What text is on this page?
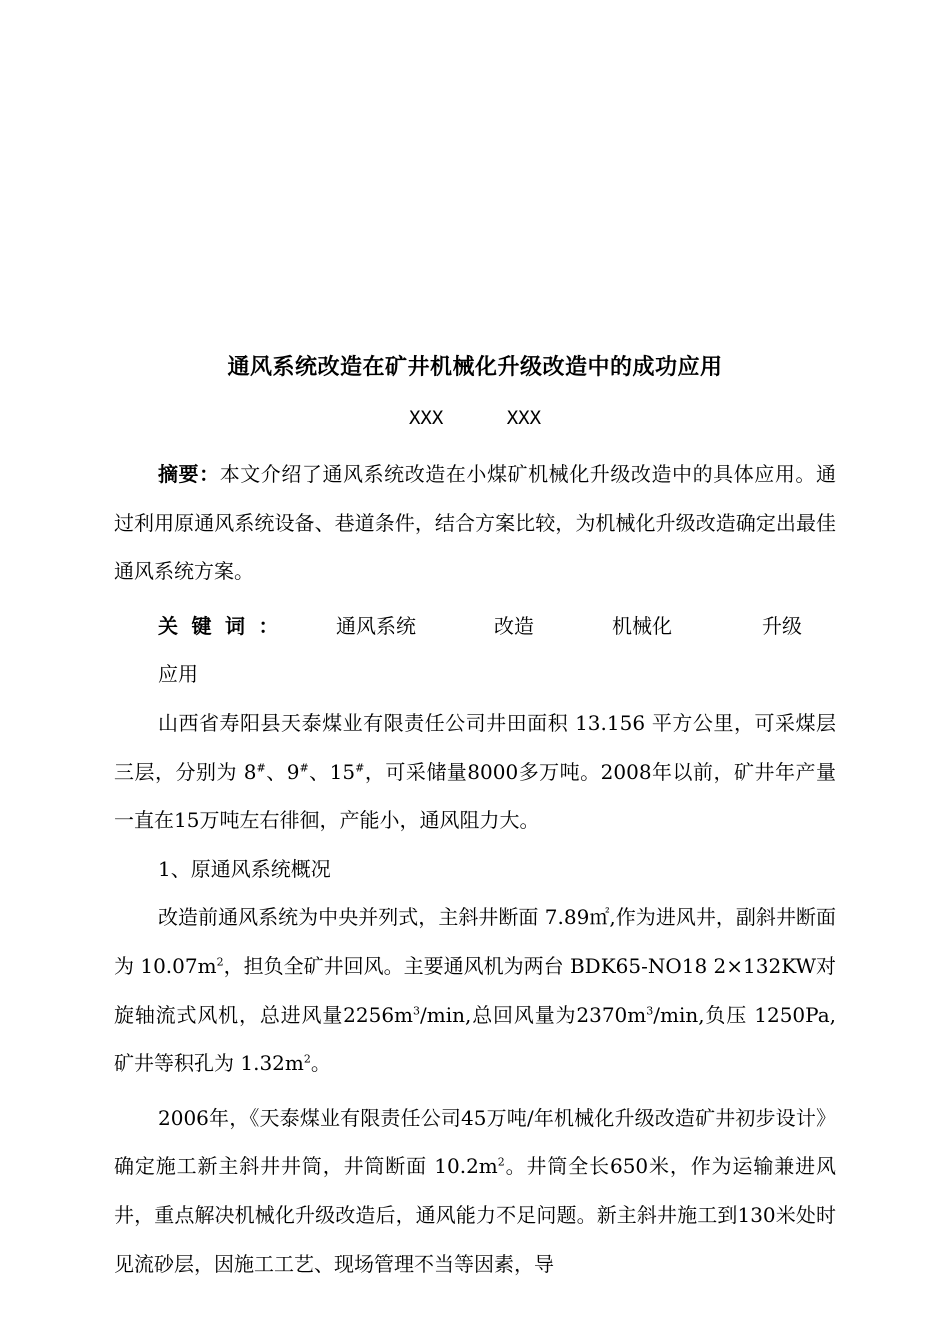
通风系统改造在矿井机械化升级改造中的成功应用
XXX	XXX

摘要：本文介绍了通风系统改造在小煤矿机械化升级改造中的具体应用。通过利用原通风系统设备、巷道条件，结合方案比较，为机械化升级改造确定出最佳通风系统方案。

关键词： 通风系统	改造	机械化	升级应用

山西省寿阳县天泰煤业有限责任公司井田面积 13.156 平方公里，可采煤层三层，分别为 8#、9#、15#，可采储量8000多万吨。2008年以前，矿井年产量一直在15万吨左右徘徊，产能小，通风阻力大。

1、原通风系统概况

改造前通风系统为中央并列式，主斜井断面 7.89㎡,作为进风井，副斜井断面为 $10.07m^2$，担负全矿井回风。主要通风机为两台 BDK65-NO18 2×132KW对旋轴流式风机，总进风量$2256m^3/\min$,总回风量为$2370m^3/\min$,负压 1250Pa,矿井等积孔为 $1.32m^2$。

2006年，《天泰煤业有限责任公司45万吨/年机械化升级改造矿井初步设计》确定施工新主斜井井筒，井筒断面 $10.2m^2$。井筒全长650米，作为运输兼进风井，重点解决机械化升级改造后，通风能力不足问题。新主斜井施工到130米处时见流砂层，因施工工艺、现场管理不当等因素，导
